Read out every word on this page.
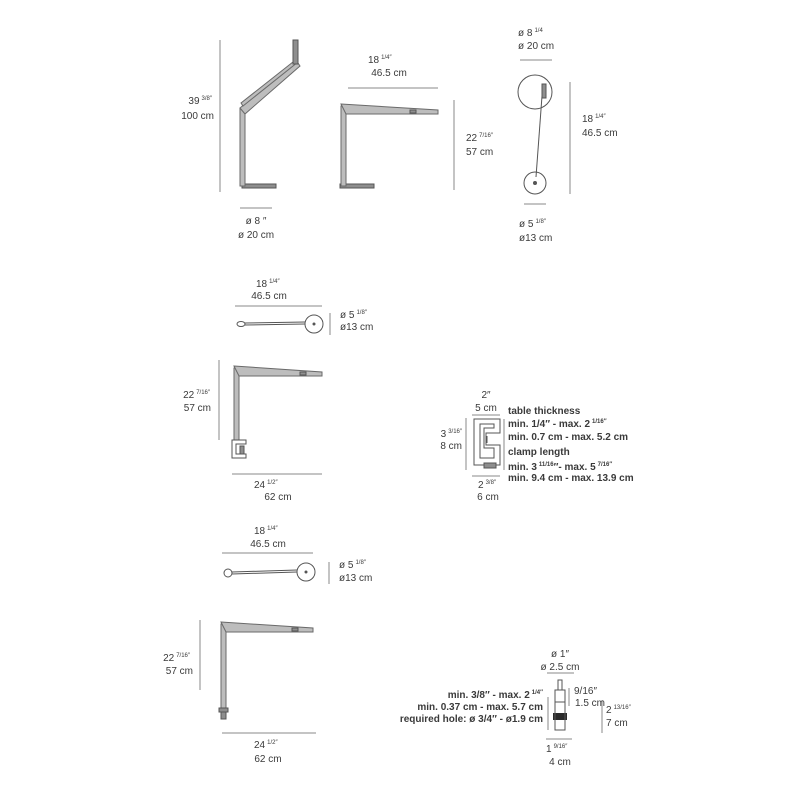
39 $^{3/8}$″
100 cm
ø 8 ″
ø 20 cm
18 $^{1/4}$″
46.5 cm
22 $^{7/16}$″
57 cm
ø 8 $^{1/4}$
ø 20 cm
18 $^{1/4}$″
46.5 cm
ø 5 $^{1/8}$″
ø13 cm
18 $^{1/4}$″
46.5 cm
ø 5 $^{1/8}$″
ø13 cm
22 $^{7/16}$″
57 cm
24 $^{1/2}$″
62 cm
2″
5 cm
3 $^{3/16}$″
8 cm
2 $^{3/8}$″
6 cm
table thickness
min. 1/4″ - max. 2 $^{1/16}$″
min. 0.7 cm - max. 5.2 cm
clamp length
min. 3 $^{11/16}$″- max. 5 $^{7/16}$″
min. 9.4 cm - max. 13.9 cm
18 $^{1/4}$″
46.5 cm
ø 5 $^{1/8}$″
ø13 cm
22 $^{7/16}$″
57 cm
24 $^{1/2}$″
62 cm
ø 1″
ø 2.5 cm
min. 3/8″ - max. 2 $^{1/4}$″
min. 0.37 cm - max. 5.7 cm
required hole: ø 3/4″ - ø1.9 cm
9/16″
1.5 cm
2 $^{13/16}$″
7 cm
1 $^{9/16}$″
4 cm
